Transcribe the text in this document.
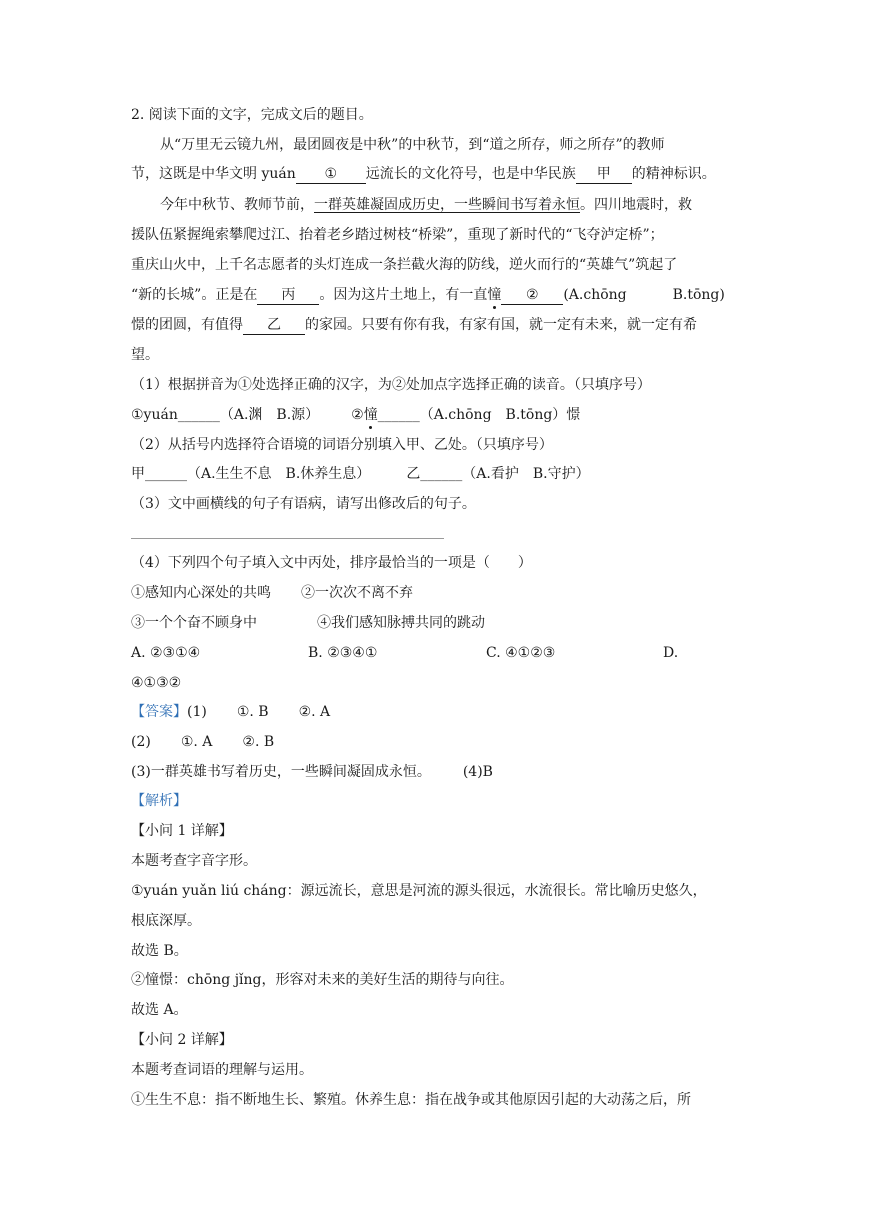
2. 阅读下面的文字，完成文后的题目。
从“万里无云镜九州，最团圆夜是中秋”的中秋节，到“道之所存，师之所存”的教师
节，这既是中华文明 yuán ① 远流长的文化符号，也是中华民族 甲 的精神标识。
今年中秋节、教师节前，一群英雄凝固成历史，一些瞬间书写着永恒。四川地震时，救
援队伍紧握绳索攀爬过江、抬着老乡踏过树枝“桥梁”，重现了新时代的“飞夺泸定桥”；
重庆山火中，上千名志愿者的头灯连成一条拦截火海的防线，逆火而行的“英雄气”筑起了
“新的长城”。正是在 丙 。因为这片土地上，有一直憧 ② (A.chōng	B.tōng)
憬的团圆，有值得 乙 的家园。只要有你有我，有家有国，就一定有未来，就一定有希
望。
（1）根据拼音为①处选择正确的汉字，为②处加点字选择正确的读音。（只填序号）
①yuán______（A.渊　B.源） ②憧______（A.chōng　B.tōng）憬
（2）从括号内选择符合语境的词语分别填入甲、乙处。（只填序号）
甲______（A.生生不息　B.休养生息）	乙______（A.看护　B.守护）
（3）文中画横线的句子有语病，请写出修改后的句子。
（4）下列四个句子填入文中丙处，排序最恰当的一项是（　　）
①感知内心深处的共鸣 ②一次次不离不弃
③一个个奋不顾身中	④我们感知脉搏共同的跳动
A. ②③①④	B. ②③④①	C. ④①②③	D.
④①③②
【答案】(1) ①. B ②. A
(2) ①. A ②. B
(3)一群英雄书写着历史，一些瞬间凝固成永恒。 (4)B
【解析】
【小问 1 详解】
本题考查字音字形。
①yuán yuǎn liú cháng：源远流长，意思是河流的源头很远，水流很长。常比喻历史悠久，
根底深厚。
故选 B。
②憧憬：chōng jǐng，形容对未来的美好生活的期待与向往。
故选 A。
【小问 2 详解】
本题考查词语的理解与运用。
①生生不息：指不断地生长、繁殖。休养生息：指在战争或其他原因引起的大动荡之后，所
